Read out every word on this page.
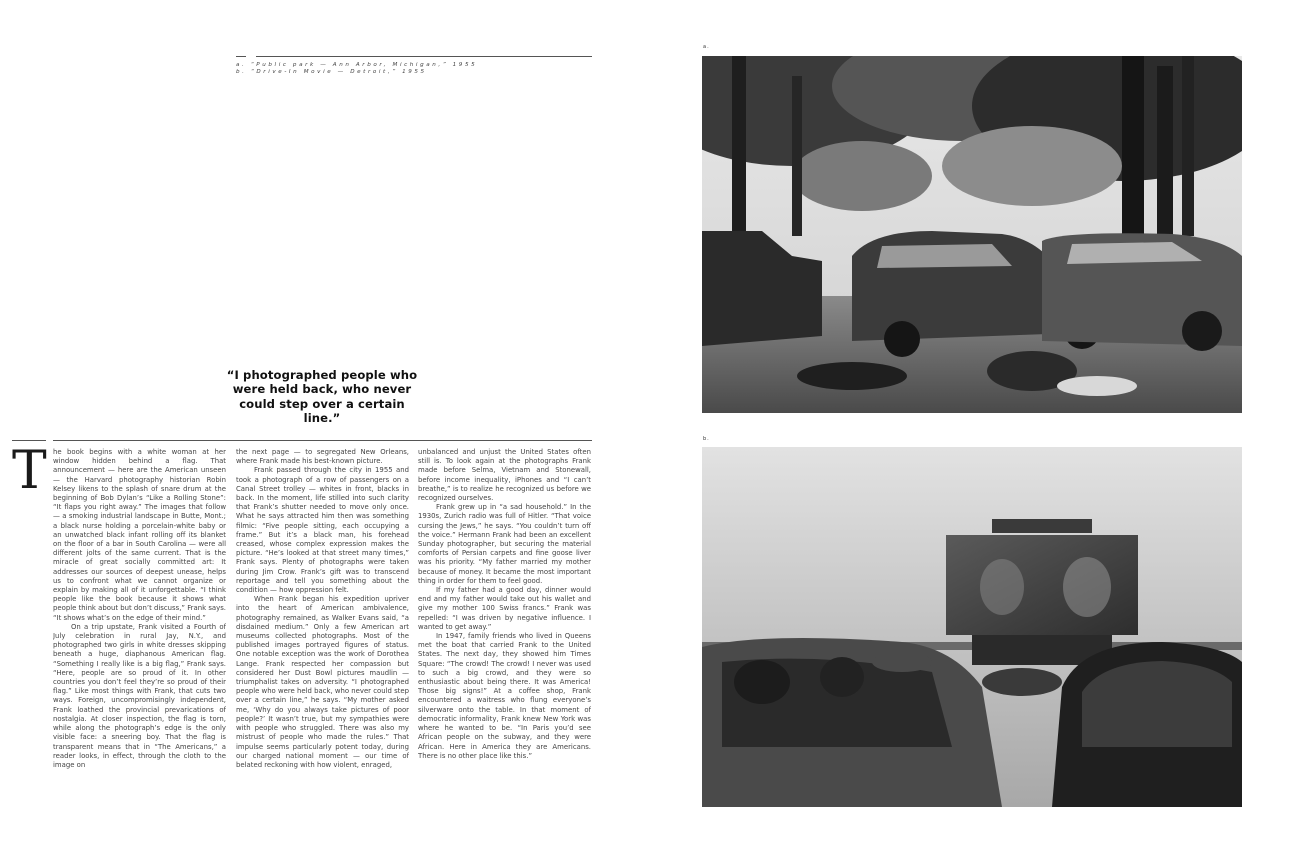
a. “Public park — Ann Arbor, Michigan,” 1955
b. “Drive-In Movie — Detroit,” 1955
“I photographed people who were held back, who never could step over a certain line.”
T he book begins with a white woman at her window hidden behind a flag. That announcement — here are the American unseen — the Harvard photography historian Robin Kelsey likens to the splash of snare drum at the beginning of Bob Dylan’s “Like a Rolling Stone”: “It flaps you right away.” The images that follow — a smoking industrial landscape in Butte, Mont.; a black nurse holding a porcelain-white baby or an unwatched black infant rolling off its blanket on the floor of a bar in South Carolina — were all different jolts of the same current. That is the miracle of great socially committed art: It addresses our sources of deepest unease, helps us to confront what we cannot organize or explain by making all of it unforgettable. “I think people like the book because it shows what people think about but don’t discuss,” Frank says. “It shows what’s on the edge of their mind.”

On a trip upstate, Frank visited a Fourth of July celebration in rural Jay, N.Y., and photographed two girls in white dresses skipping beneath a huge, diaphanous American flag. “Something I really like is a big flag,” Frank says. “Here, people are so proud of it. In other countries you don’t feel they’re so proud of their flag.” Like most things with Frank, that cuts two ways. Foreign, uncompromisingly independent, Frank loathed the provincial prevarications of nostalgia. At closer inspection, the flag is torn, while along the photograph’s edge is the only visible face: a sneering boy. That the flag is transparent means that in “The Americans,” a reader looks, in effect, through the cloth to the image on

the next page — to segregated New Orleans, where Frank made his best-known picture.

Frank passed through the city in 1955 and took a photograph of a row of passengers on a Canal Street trolley — whites in front, blacks in back. In the moment, life stilled into such clarity that Frank’s shutter needed to move only once. What he says attracted him then was something filmic: “Five people sitting, each occupying a frame.” But it’s a black man, his forehead creased, whose complex expression makes the picture. “He’s looked at that street many times,” Frank says. Plenty of photographs were taken during Jim Crow. Frank’s gift was to transcend reportage and tell you something about the condition — how oppression felt.

When Frank began his expedition upriver into the heart of American ambivalence, photography remained, as Walker Evans said, “a disdained medium.” Only a few American art museums collected photographs. Most of the published images portrayed figures of status. One notable exception was the work of Dorothea Lange. Frank respected her compassion but considered her Dust Bowl pictures maudlin — triumphalist takes on adversity. “I photographed people who were held back, who never could step over a certain line,” he says. “My mother asked me, ‘Why do you always take pictures of poor people?’ It wasn’t true, but my sympathies were with people who struggled. There was also my mistrust of people who made the rules.” That impulse seems particularly potent today, during our charged national moment — our time of belated reckoning with how violent, enraged,

unbalanced and unjust the United States often still is. To look again at the photographs Frank made before Selma, Vietnam and Stonewall, before income inequality, iPhones and “I can’t breathe,” is to realize he recognized us before we recognized ourselves.

Frank grew up in “a sad household.” In the 1930s, Zurich radio was full of Hitler. “That voice cursing the Jews,” he says. “You couldn’t turn off the voice.” Hermann Frank had been an excellent Sunday photographer, but securing the material comforts of Persian carpets and fine goose liver was his priority. “My father married my mother because of money. It became the most important thing in order for them to feel good.

If my father had a good day, dinner would end and my father would take out his wallet and give my mother 100 Swiss francs.” Frank was repelled: “I was driven by negative influence. I wanted to get away.”

In 1947, family friends who lived in Queens met the boat that carried Frank to the United States. The next day, they showed him Times Square: “The crowd! The crowd! I never was used to such a big crowd, and they were so enthusiastic about being there. It was America! Those big signs!” At a coffee shop, Frank encountered a waitress who flung everyone’s silverware onto the table. In that moment of democratic informality, Frank knew New York was where he wanted to be. “In Paris you’d see African people on the subway, and they were African. Here in America they are Americans. There is no other place like this.”

a.
b.
